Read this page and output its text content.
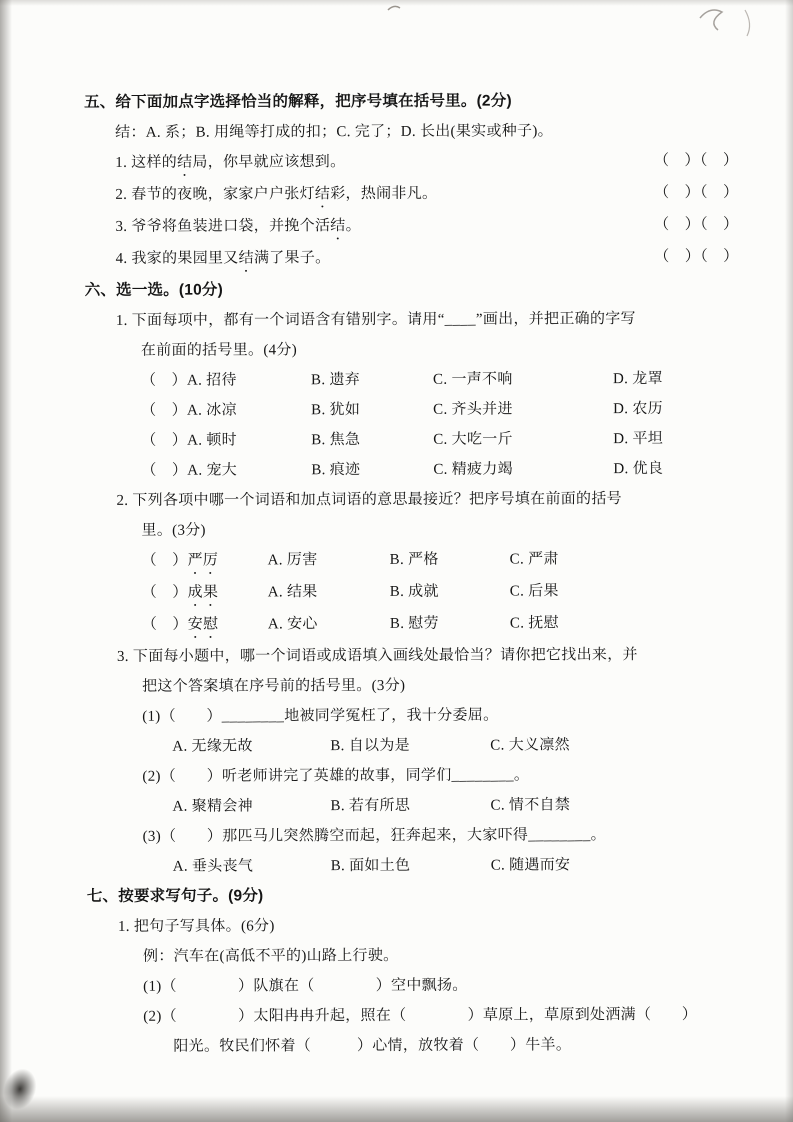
五、给下面加点字选择恰当的解释，把序号填在括号里。(2分)
结：A. 系；B. 用绳等打成的扣；C. 完了；D. 长出(果实或种子)。
1. 这样的结局，你早就应该想到。	（　）（　）
2. 春节的夜晚，家家户户张灯结彩，热闹非凡。	（　）（　）
3. 爷爷将鱼装进口袋，并挽个活结。	（　）（　）
4. 我家的果园里又结满了果子。	（　）（　）
六、选一选。(10分)
1. 下面每项中，都有一个词语含有错别字。请用“____”画出，并把正确的字写
在前面的括号里。(4分)
（　）A. 招待	B. 遗弃	C. 一声不响	D. 龙罩
（　）A. 冰凉	B. 犹如	C. 齐头并进	D. 农历
（　）A. 顿时	B. 焦急	C. 大吃一斤	D. 平坦
（　）A. 宠大	B. 痕迹	C. 精疲力竭	D. 优良
2. 下列各项中哪一个词语和加点词语的意思最接近？把序号填在前面的括号
里。(3分)
（　）严厉	A. 厉害	B. 严格	C. 严肃
（　）成果	A. 结果	B. 成就	C. 后果
（　）安慰	A. 安心	B. 慰劳	C. 抚慰
3. 下面每小题中，哪一个词语或成语填入画线处最恰当？请你把它找出来，并
把这个答案填在序号前的括号里。(3分)
(1)（　　）________地被同学冤枉了，我十分委屈。
A. 无缘无故	B. 自以为是	C. 大义凛然
(2)（　　）听老师讲完了英雄的故事，同学们________。
A. 聚精会神	B. 若有所思	C. 情不自禁
(3)（　　）那匹马儿突然腾空而起，狂奔起来，大家吓得________。
A. 垂头丧气	B. 面如土色	C. 随遇而安
七、按要求写句子。(9分)
1. 把句子写具体。(6分)
例：汽车在(高低不平的)山路上行驶。
(1)（　　　　）队旗在（　　　　）空中飘扬。
(2)（　　　　）太阳冉冉升起，照在（　　　　）草原上，草原到处洒满（　　）
阳光。牧民们怀着（　　　）心情，放牧着（　　）牛羊。
